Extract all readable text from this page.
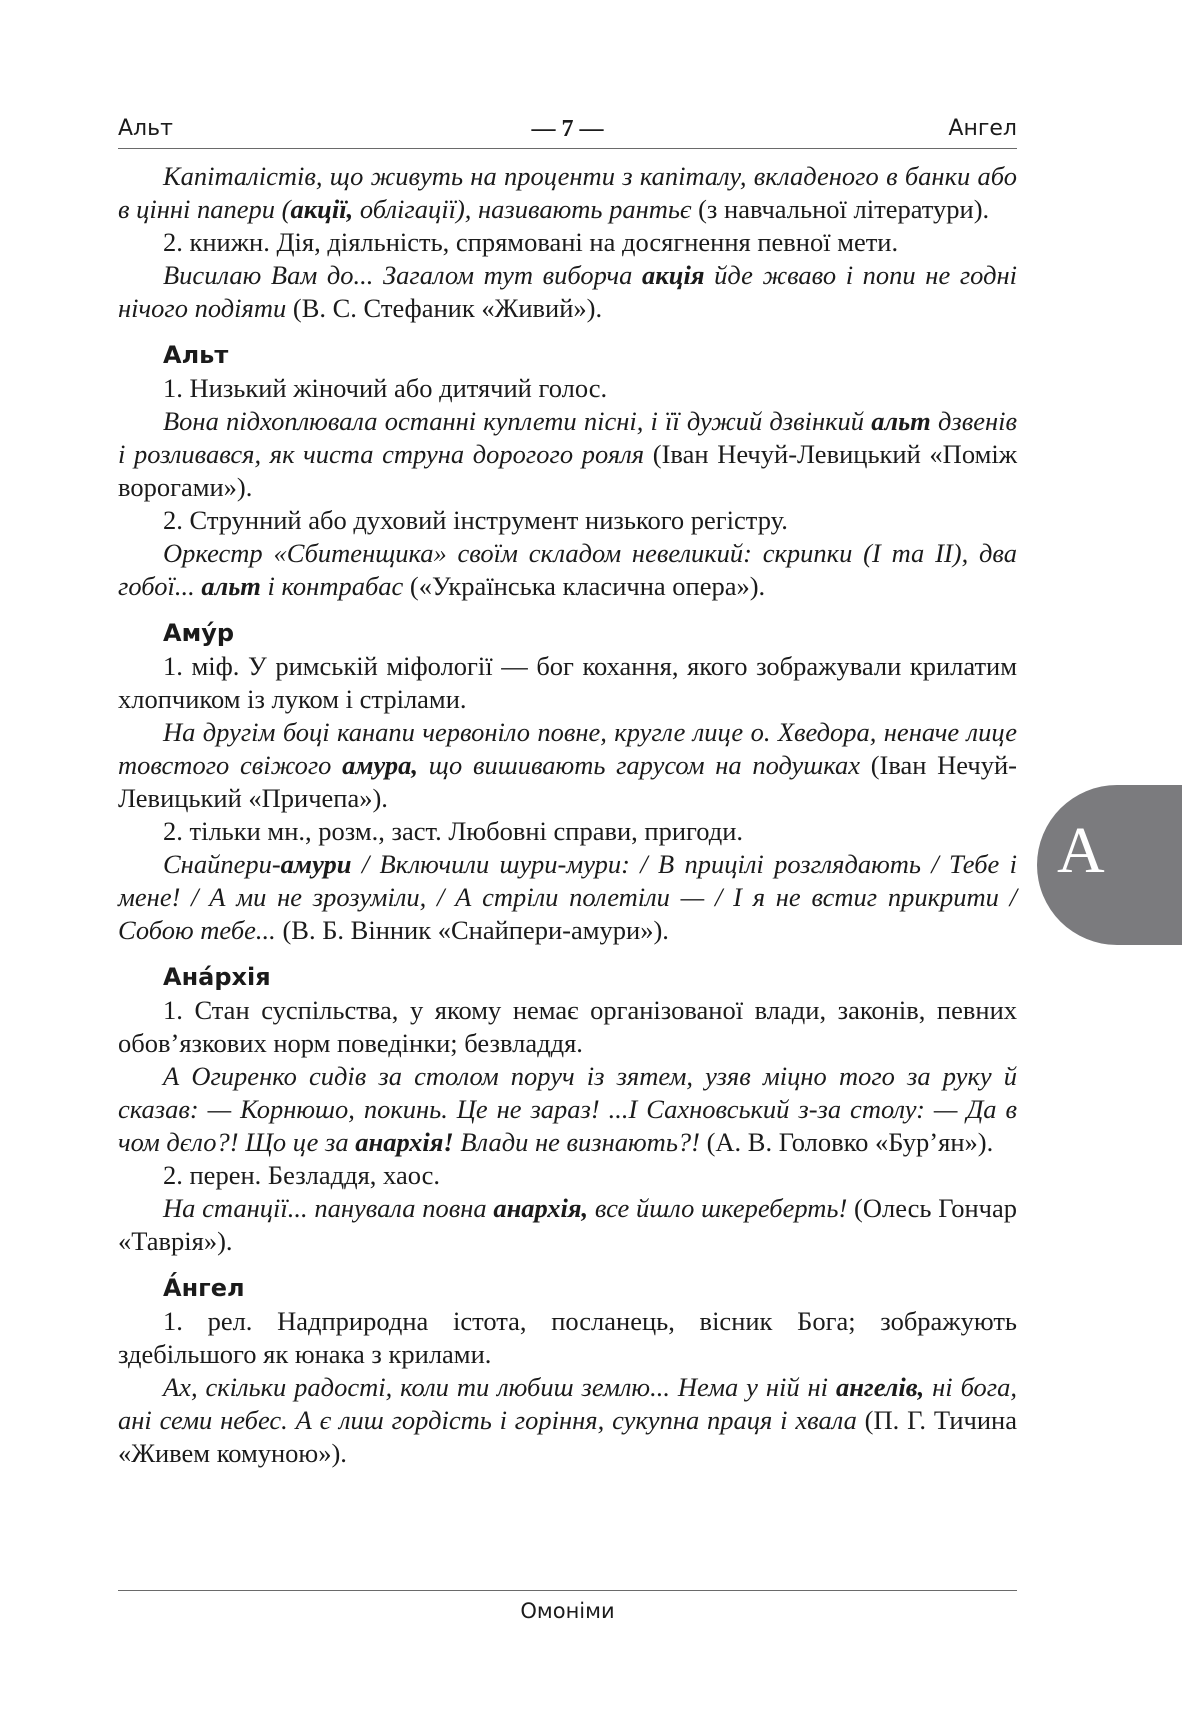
Альт	— 7 —	Ангел

Капіталістів, що живуть на проценти з капіталу, вкладеного в банки або в цінні папери (акції, облігації), називають рантьє (з навчальної літератури).

2. книжн. Дія, діяльність, спрямовані на досягнення певної мети.

Висилаю Вам до... Загалом тут виборча акція йде жваво і попи не годні нічого подіяти (В. С. Стефаник «Живий»).

Альт

1. Низький жіночий або дитячий голос.

Вона підхоплювала останні куплети пісні, і її дужий дзвінкий альт дзвенів і розливався, як чиста струна дорогого рояля (Іван Нечуй-Левицький «Поміж ворогами»).

2. Струнний або духовий інструмент низького регістру.

Оркестр «Сбитенщика» своїм складом невеликий: скрипки (І та ІІ), два гобої... альт і контрабас («Українська класична опера»).

Аму́р

1. міф. У римській міфології — бог кохання, якого зображували крилатим хлопчиком із луком і стрілами.

На другім боці канапи червоніло повне, кругле лице о. Хведора, неначе лице товстого свіжого амура, що вишивають гарусом на подушках (Іван Нечуй-Левицький «Причепа»).

2. тільки мн., розм., заст. Любовні справи, пригоди.

Снайпери-амури / Включили шури-мури: / В прицілі розглядають / Тебе і мене! / А ми не зрозуміли, / А стріли полетіли — / І я не встиг прикрити / Собою тебе... (В. Б. Вінник «Снайпери-амури»).

Ана́рхія

1. Стан суспільства, у якому немає організованої влади, законів, певних обов’язкових норм поведінки; безвладдя.

А Огиренко сидів за столом поруч із зятем, узяв міцно того за руку й сказав: — Корнюшо, покинь. Це не зараз! ...І Сахновський з-за столу: — Да в чом дєло?! Що це за анархія! Влади не визнають?! (А. В. Головко «Бур’ян»).

2. перен. Безладдя, хаос.

На станції... панувала повна анархія, все йшло шкереберть! (Олесь Гончар «Таврія»).

А́нгел

1. рел. Надприродна істота, посланець, вісник Бога; зображують здебільшого як юнака з крилами.

Ах, скільки радості, коли ти любиш землю... Нема у ній ні ангелів, ні бога, ані семи небес. А є лиш гордість і горіння, сукупна праця і хвала (П. Г. Тичина «Живем комуною»).

А
Омоніми
